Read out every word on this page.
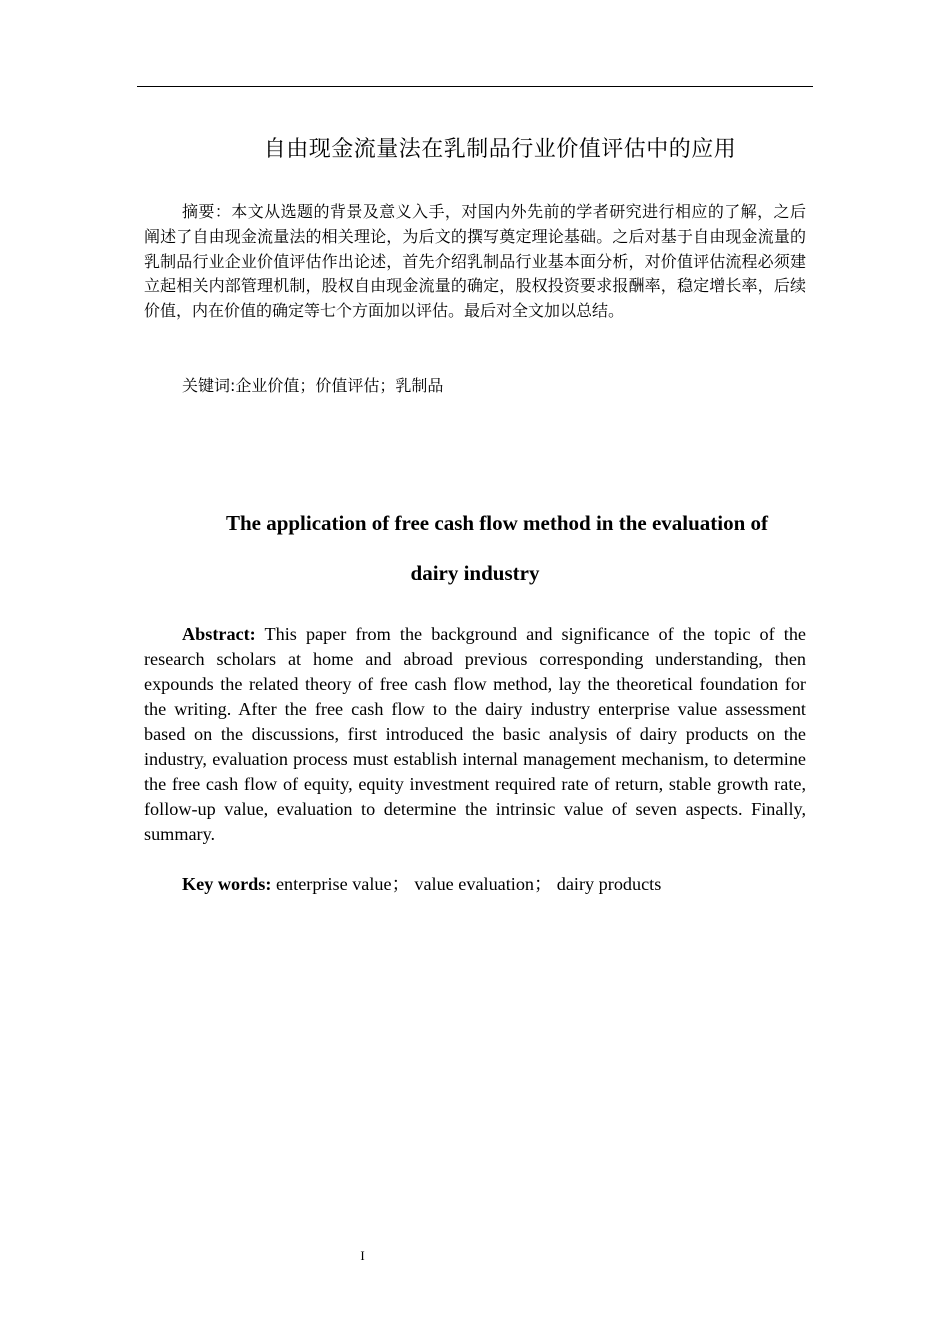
自由现金流量法在乳制品行业价值评估中的应用

摘要：本文从选题的背景及意义入手，对国内外先前的学者研究进行相应的了解，之后阐述了自由现金流量法的相关理论，为后文的撰写奠定理论基础。之后对基于自由现金流量的乳制品行业企业价值评估作出论述，首先介绍乳制品行业基本面分析，对价值评估流程必须建立起相关内部管理机制，股权自由现金流量的确定，股权投资要求报酬率，稳定增长率，后续价值，内在价值的确定等七个方面加以评估。最后对全文加以总结。

关键词:企业价值；价值评估；乳制品
The application of free cash flow method in the evaluation of
dairy industry

Abstract: This paper from the background and significance of the topic of the research scholars at home and abroad previous corresponding understanding, then expounds the related theory of free cash flow method, lay the theoretical foundation for the writing. After the free cash flow to the dairy industry enterprise value assessment based on the discussions, first introduced the basic analysis of dairy products on the industry, evaluation process must establish internal management mechanism, to determine the free cash flow of equity, equity investment required rate of return, stable growth rate, follow-up value, evaluation to determine the intrinsic value of seven aspects. Finally, summary.

Key words: enterprise value； value evaluation； dairy products
I
